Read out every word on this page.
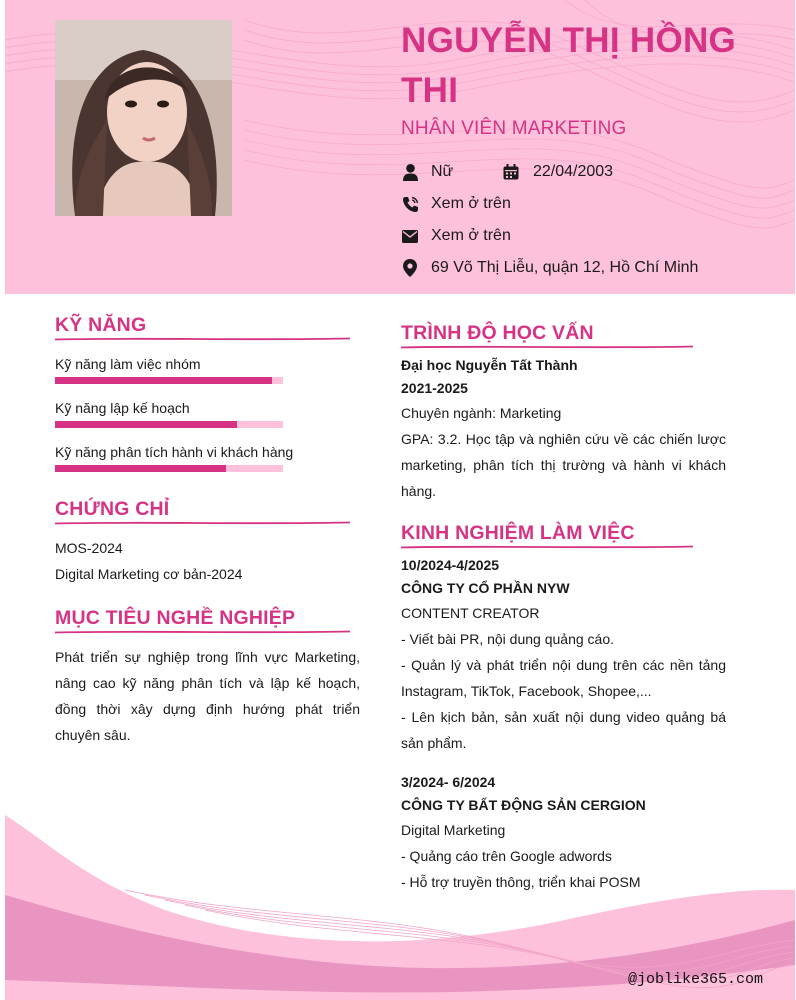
NGUYỄN THỊ HỒNG THI
NHÂN VIÊN MARKETING
Nữ	22/04/2003
Xem ở trên
Xem ở trên
69 Võ Thị Liễu, quận 12, Hồ Chí Minh
KỸ NĂNG
Kỹ năng làm việc nhóm
Kỹ năng lập kế hoạch
Kỹ năng phân tích hành vi khách hàng
CHỨNG CHỈ
MOS-2024
Digital Marketing cơ bản-2024
MỤC TIÊU NGHỀ NGHIỆP
Phát triển sự nghiệp trong lĩnh vực Marketing, nâng cao kỹ năng phân tích và lập kế hoạch, đồng thời xây dựng định hướng phát triển chuyên sâu.
TRÌNH ĐỘ HỌC VẤN
Đại học Nguyễn Tất Thành
2021-2025
Chuyên ngành: Marketing
GPA: 3.2. Học tập và nghiên cứu về các chiến lược marketing, phân tích thị trường và hành vi khách hàng.
KINH NGHIỆM LÀM VIỆC
10/2024-4/2025
CÔNG TY CỔ PHẦN NYW
CONTENT CREATOR
- Viết bài PR, nội dung quảng cáo.
- Quản lý và phát triển nội dung trên các nền tảng Instagram, TikTok, Facebook, Shopee,...
- Lên kịch bản, sản xuất nội dung video quảng bá sản phẩm.
3/2024- 6/2024
CÔNG TY BẤT ĐỘNG SẢN CERGION
Digital Marketing
- Quảng cáo trên Google adwords
- Hỗ trợ truyền thông, triển khai POSM
@joblike365.com
